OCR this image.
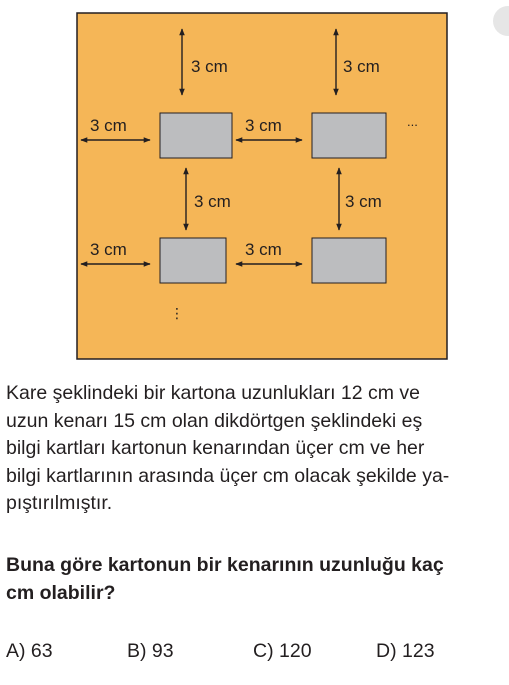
3 cm	3 cm
3 cm	3 cm
3 cm	3 cm
3 cm	3 cm
...
⋮
Kare şeklindeki bir kartona uzunlukları 12 cm ve
uzun kenarı 15 cm olan dikdörtgen şeklindeki eş
bilgi kartları kartonun kenarından üçer cm ve her
bilgi kartlarının arasında üçer cm olacak şekilde ya-
pıştırılmıştır.
Buna göre kartonun bir kenarının uzunluğu kaç
cm olabilir?
A) 63	B) 93	C) 120	D) 123
